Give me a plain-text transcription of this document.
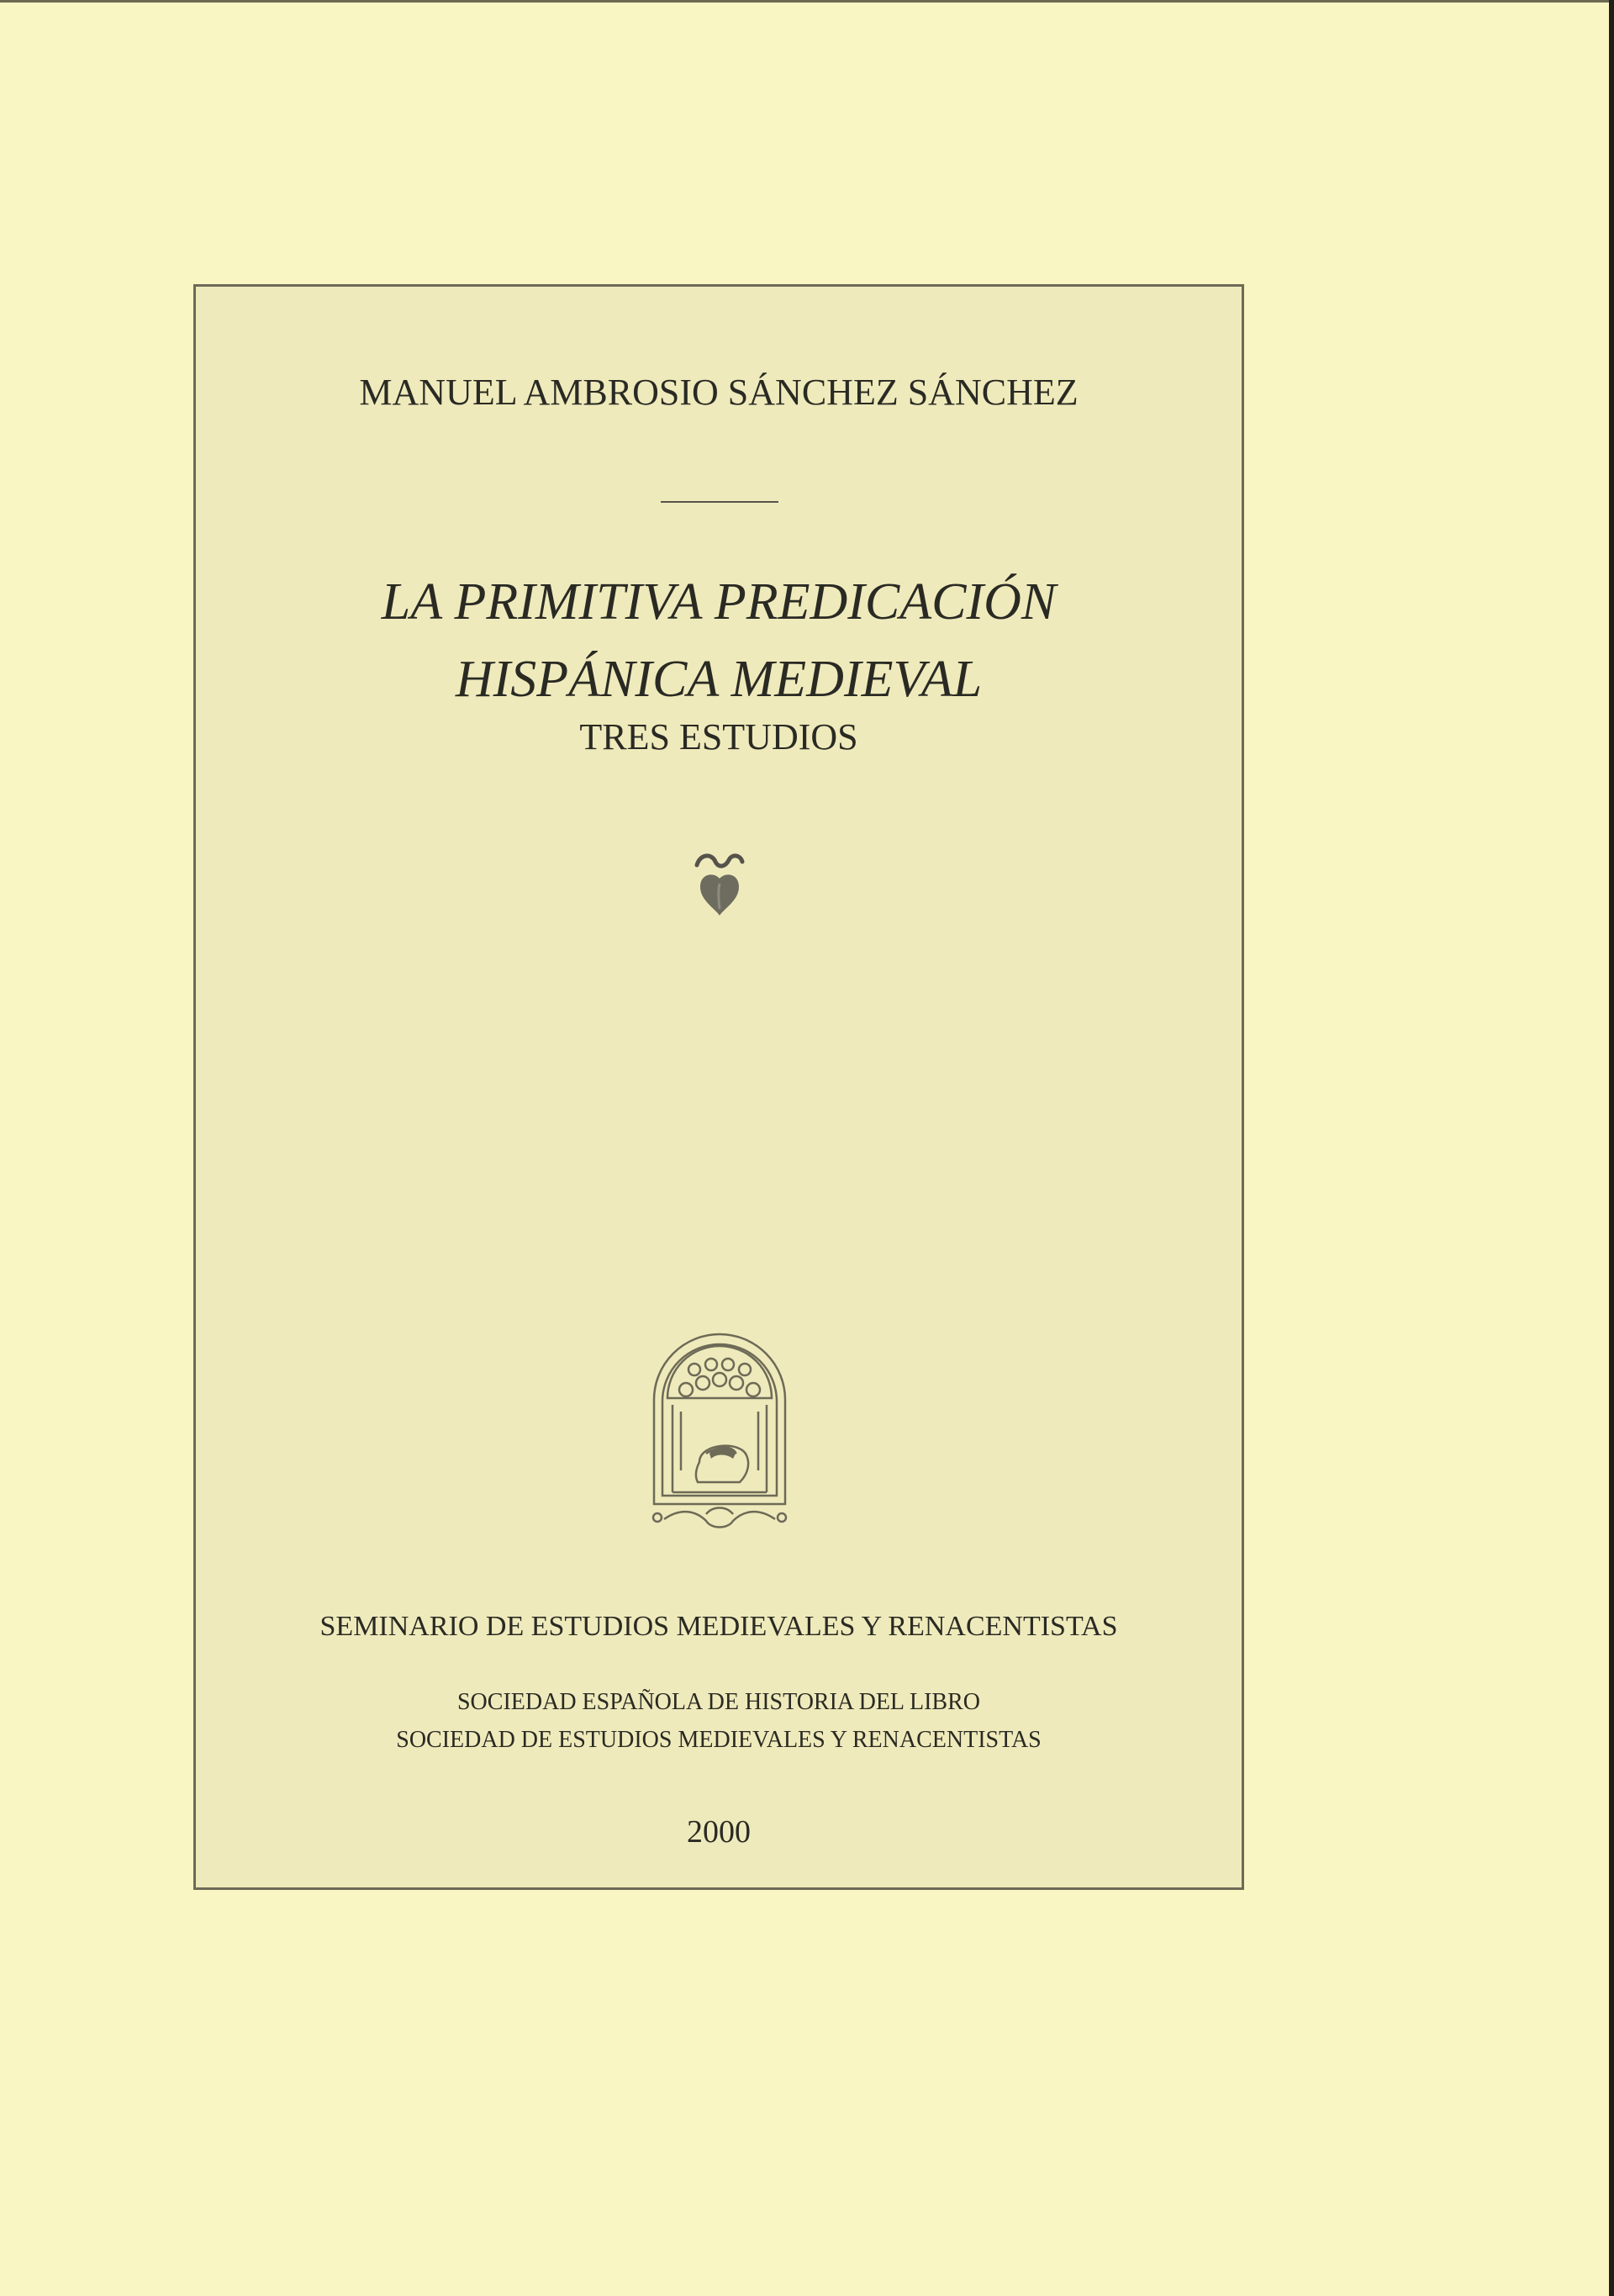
MANUEL AMBROSIO SÁNCHEZ SÁNCHEZ
LA PRIMITIVA PREDICACIÓN
HISPÁNICA MEDIEVAL
TRES ESTUDIOS
SEMINARIO DE ESTUDIOS MEDIEVALES Y RENACENTISTAS
SOCIEDAD ESPAÑOLA DE HISTORIA DEL LIBRO
SOCIEDAD DE ESTUDIOS MEDIEVALES Y RENACENTISTAS
2000
